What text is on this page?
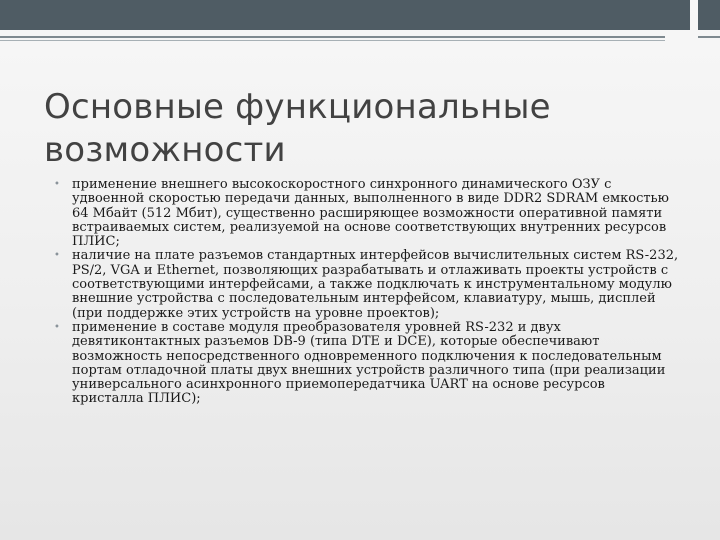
Основные функциональные возможности
• применение внешнего высокоскоростного синхронного динамического ОЗУ с удвоенной скоростью передачи данных, выполненного в виде DDR2 SDRAM емкостью 64 Мбайт (512 Мбит), существенно расширяющее возможности оперативной памяти встраиваемых систем, реализуемой на основе соответствующих внутренних ресурсов ПЛИС;
• наличие на плате разъемов стандартных интерфейсов вычислительных систем RS-232, PS/2, VGA и Ethernet, позволяющих разрабатывать и отлаживать проекты устройств с соответствующими интерфейсами, а также подключать к инструментальному модулю внешние устройства с последовательным интерфейсом, клавиатуру, мышь, дисплей (при поддержке этих устройств на уровне проектов);
• применение в составе модуля преобразователя уровней RS-232 и двух девятиконтактных разъемов DB-9 (типа DTE и DCE), которые обеспечивают возможность непосредственного одновременного подключения к последовательным портам отладочной платы двух внешних устройств различного типа (при реализации универсального асинхронного приемопередатчика UART на основе ресурсов кристалла ПЛИС);
